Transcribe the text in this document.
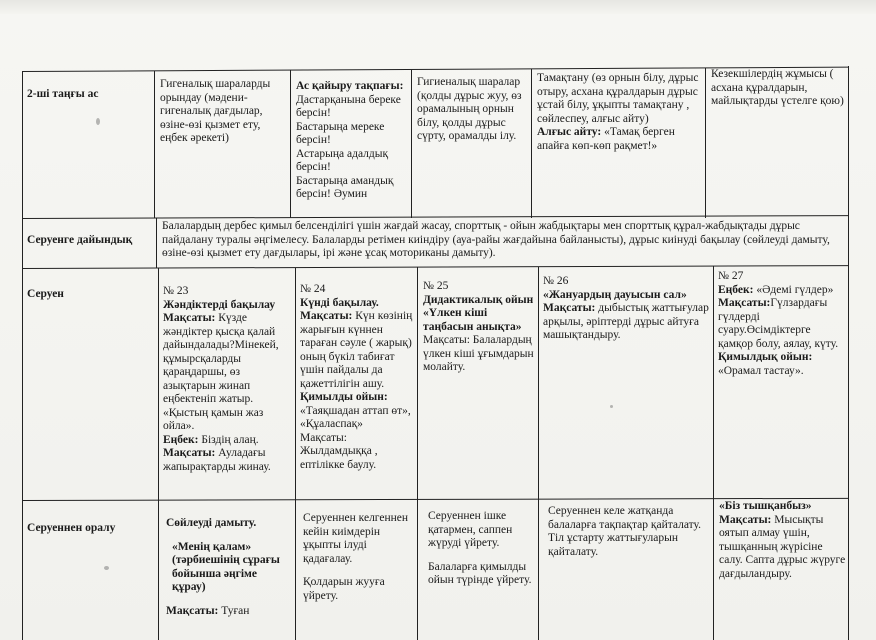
2-ші таңғы ас
Гигеналық шараларды орындау (мәдени-гигеналық дағдылар, өзіне-өзі қызмет ету, еңбек әрекеті)
Ас қайыру тақпағы:
Дастарқанына береке берсін!
Бастарыңа мереке берсін!
Астарыңа адалдық берсін!
Бастарыңа амандық берсін! Әумин
Гигиеналық шаралар (қолды дұрыс жуу, өз орамалының орнын білу, қолды дұрыс сүрту, орамалды ілу.
Тамақтану (өз орнын білу, дұрыс отыру, асхана құралдарын дұрыс ұстай білу, ұқыпты тамақтану , сөйлеспеу, алғыс айту)
Алғыс айту: «Тамақ берген апайға көп-көп рақмет!»
Кезекшілердің жұмысы ( асхана құралдарын, майлықтарды үстелге қою)
Серуенге дайындық
Балалардың дербес қимыл белсенділігі үшін жағдай жасау, спорттық - ойын жабдықтары мен спорттық құрал-жабдықтады дұрыс пайдалану туралы әңгімелесу. Балаларды ретімен киіндіру (ауа-райы жағдайына байланысты), дұрыс киінуді бақылау (сөйлеуді дамыту, өзіне-өзі қызмет ету дағдылары, ірі және ұсақ моториканы дамыту).
Серуен	№ 23
Жәндіктерді бақылау
Мақсаты: Күзде жәндіктер қысқа қалай дайындалады?Мінекей, құмырсқаларды қараңдаршы, өз азықтарын жинап еңбектеніп жатыр.
«Қыстың қамын жаз ойла».
Еңбек: Біздің алаң.
Мақсаты: Ауладағы жапырақтарды жинау.
№ 24
Күнді бақылау.
Мақсаты: Күн көзінің жарығын күннен тараған сәуле ( жарық) оның бүкіл табиғат үшін пайдалы да қажеттілігін ашу.
Қимылды ойын:
«Таяқшадан аттап өт», «Құаласпақ»
Мақсаты: Жылдамдыққа , ептілікке баулу.
№ 25
Дидактикалық ойын
«Үлкен кіші таңбасын анықта»
Мақсаты: Балалардың үлкен кіші ұғымдарын молайту.
№ 26
«Жануардың дауысын сал»
Мақсаты: дыбыстық жаттығулар арқылы, әріптерді дұрыс айтуға машықтандыру.
№ 27
Еңбек: «Әдемі гүлдер»
Мақсаты:Гүлзардағы гүлдерді суару.Өсімдіктерге қамқор болу, аялау, күту.
Қимылдық ойын:
«Орамал тастау».
Серуеннен оралу	Сөйлеуді дамыту.
«Менің қалам» (тәрбиешінің сұрағы бойынша әңгіме құрау)
Мақсаты: Туған
Серуеннен келгеннен кейін киімдерін ұқыпты ілуді қадағалау.
Қолдарын жууға үйрету.
Серуеннен ішке қатармен, саппен жүруді үйрету.
Балаларға қимылды ойын түрінде үйрету.
Серуеннен келе жатқанда балаларға тақпақтар қайталату.
Тіл ұстарту жаттығуларын қайталату.
«Біз тышқанбыз»
Мақсаты: Мысықты оятып алмау үшін, тышқанның жүрісіне салу. Сапта дұрыс жүруге дағдыландыру.
